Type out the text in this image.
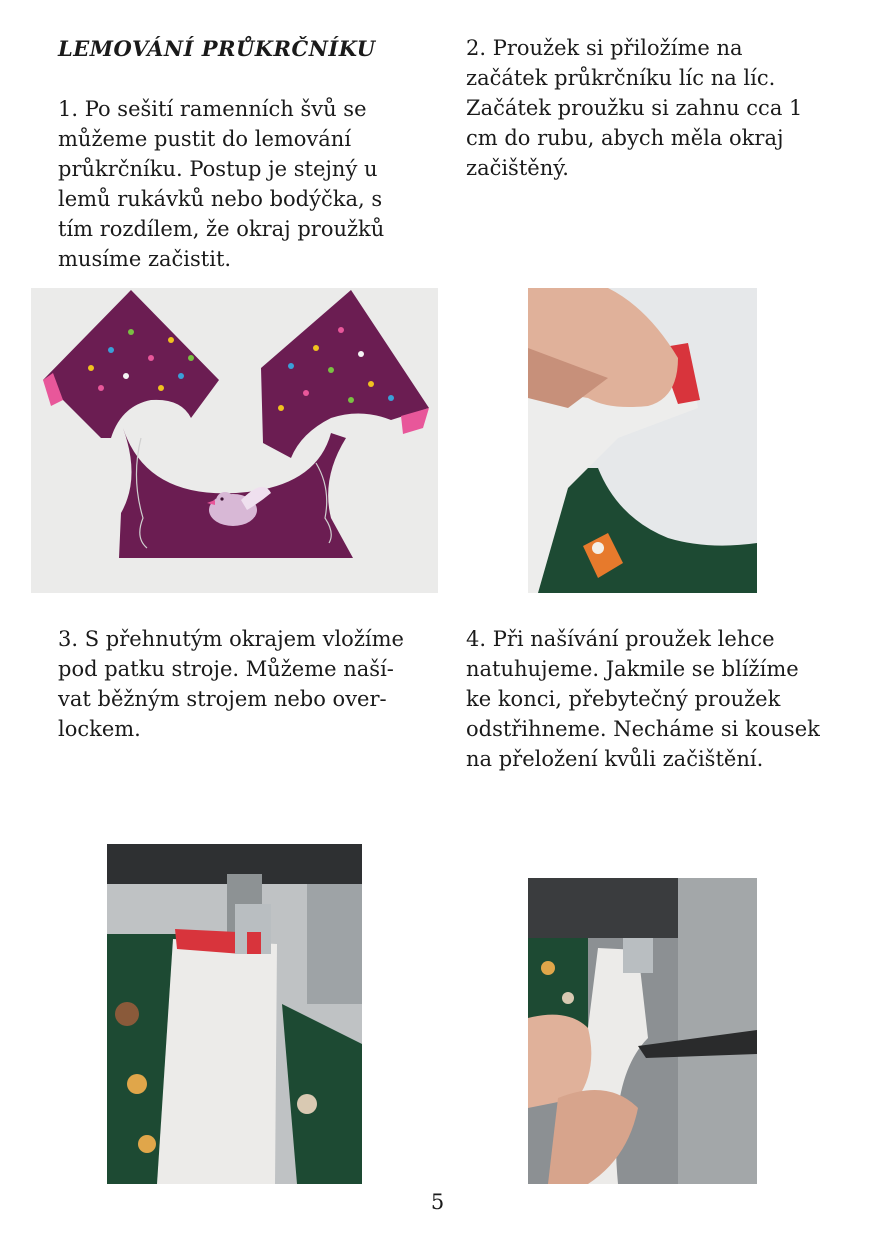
LEMOVÁNÍ PRŮKRČNÍKU
1. Po sešití ramenních švů se
můžeme pustit do lemování
průkrčníku. Postup je stejný u
lemů rukávků nebo bodýčka, s
tím rozdílem, že okraj proužků
musíme začistit.
2. Proužek si přiložíme na
začátek průkrčníku líc na líc.
Začátek proužku si zahnu cca 1
cm do rubu, abych měla okraj
začištěný.
3. S přehnutým okrajem vložíme
pod patku stroje. Můžeme naší-
vat běžným strojem nebo over-
lockem.
4. Při našívání proužek lehce
natuhujeme. Jakmile se blížíme
ke konci, přebytečný proužek
odstřihneme. Necháme si kousek
na přeložení kvůli začištění.
5
